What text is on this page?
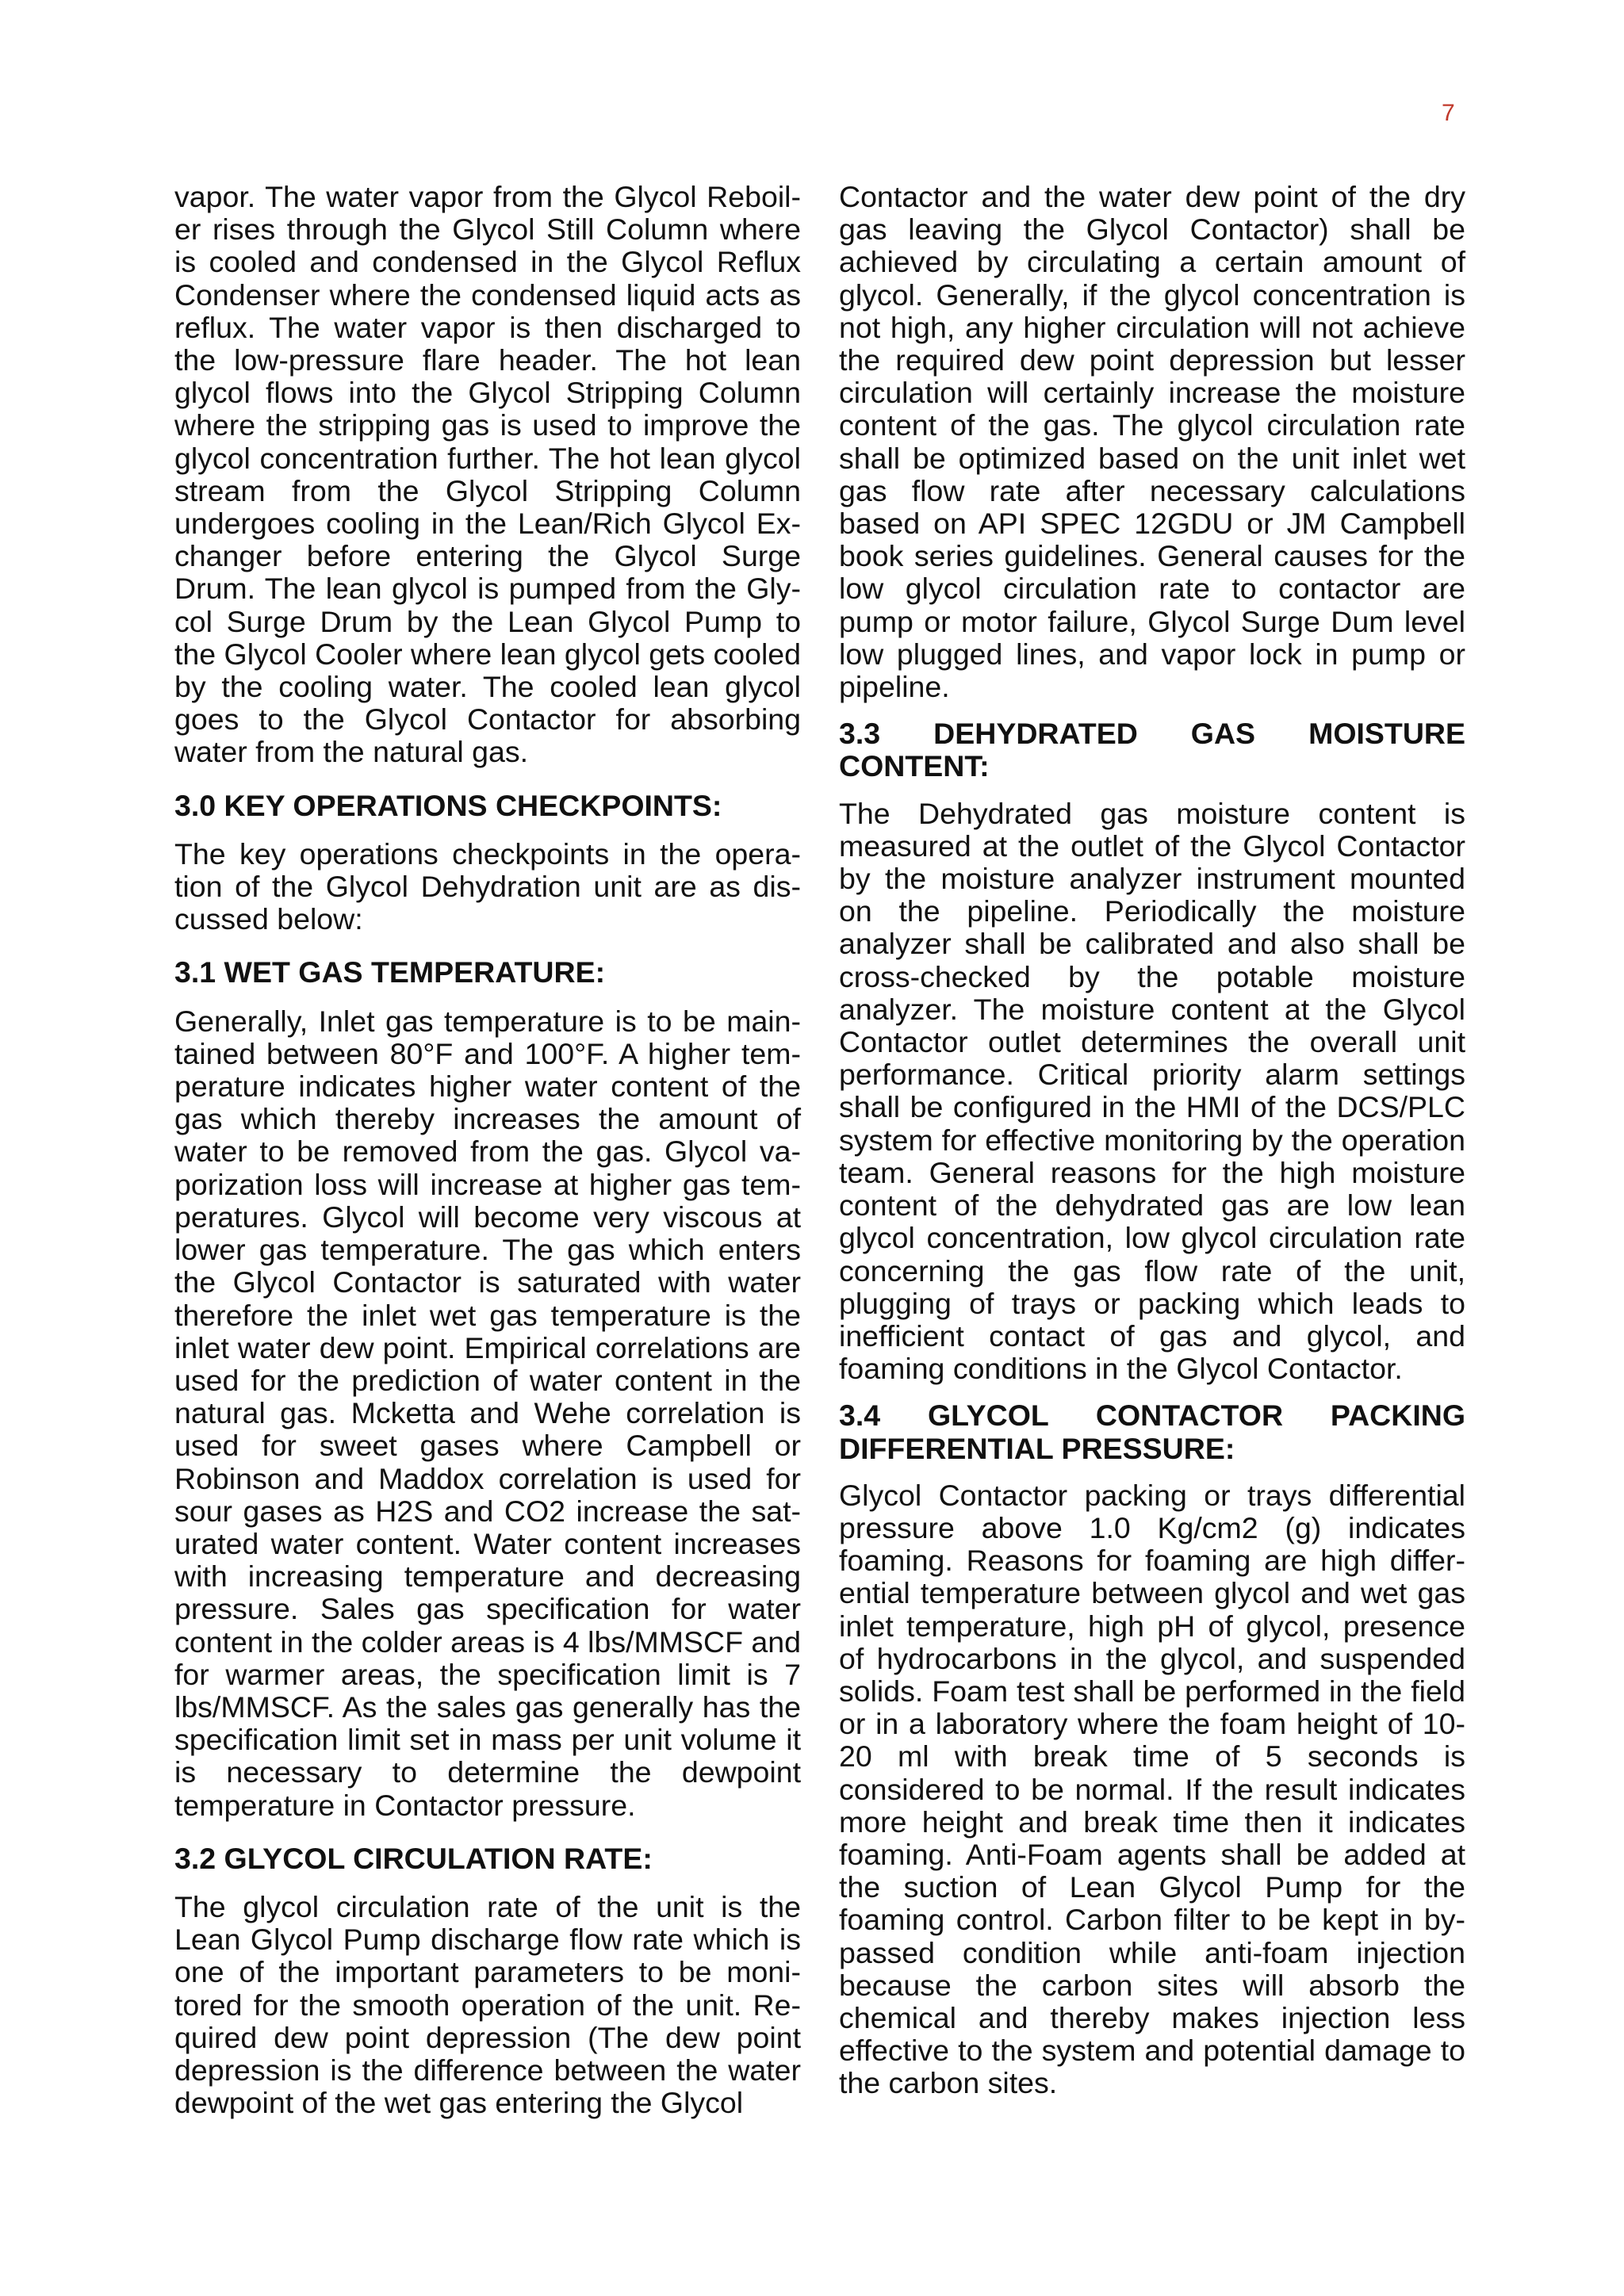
7

vapor. The water vapor from the Glycol Reboiler rises through the Glycol Still Column where is cooled and condensed in the Glycol Reflux Condenser where the condensed liquid acts as reflux. The water vapor is then discharged to the low-pressure flare header. The hot lean glycol flows into the Glycol Stripping Column where the stripping gas is used to improve the glycol concentration further. The hot lean glycol stream from the Glycol Stripping Column undergoes cooling in the Lean/Rich Glycol Exchanger before entering the Glycol Surge Drum. The lean glycol is pumped from the Glycol Surge Drum by the Lean Glycol Pump to the Glycol Cooler where lean glycol gets cooled by the cooling water. The cooled lean glycol goes to the Glycol Contactor for absorbing water from the natural gas.

3.0 KEY OPERATIONS CHECKPOINTS:

The key operations checkpoints in the operation of the Glycol Dehydration unit are as discussed below:

3.1 WET GAS TEMPERATURE:

Generally, Inlet gas temperature is to be maintained between 80°F and 100°F. A higher temperature indicates higher water content of the gas which thereby increases the amount of water to be removed from the gas. Glycol vaporization loss will increase at higher gas temperatures. Glycol will become very viscous at lower gas temperature. The gas which enters the Glycol Contactor is saturated with water therefore the inlet wet gas temperature is the inlet water dew point. Empirical correlations are used for the prediction of water content in the natural gas. Mcketta and Wehe correlation is used for sweet gases where Campbell or Robinson and Maddox correlation is used for sour gases as H2S and CO2 increase the saturated water content. Water content increases with increasing temperature and decreasing pressure. Sales gas specification for water content in the colder areas is 4 lbs/MMSCF and for warmer areas, the specification limit is 7 lbs/MMSCF. As the sales gas generally has the specification limit set in mass per unit volume it is necessary to determine the dewpoint temperature in Contactor pressure.

3.2 GLYCOL CIRCULATION RATE:

The glycol circulation rate of the unit is the Lean Glycol Pump discharge flow rate which is one of the important parameters to be monitored for the smooth operation of the unit. Required dew point depression (The dew point depression is the difference between the water dewpoint of the wet gas entering the Glycol

Contactor and the water dew point of the dry gas leaving the Glycol Contactor) shall be achieved by circulating a certain amount of glycol. Generally, if the glycol concentration is not high, any higher circulation will not achieve the required dew point depression but lesser circulation will certainly increase the moisture content of the gas. The glycol circulation rate shall be optimized based on the unit inlet wet gas flow rate after necessary calculations based on API SPEC 12GDU or JM Campbell book series guidelines. General causes for the low glycol circulation rate to contactor are pump or motor failure, Glycol Surge Dum level low plugged lines, and vapor lock in pump or pipeline.

3.3 DEHYDRATED GAS MOISTURE CONTENT:

The Dehydrated gas moisture content is measured at the outlet of the Glycol Contactor by the moisture analyzer instrument mounted on the pipeline. Periodically the moisture analyzer shall be calibrated and also shall be cross-checked by the potable moisture analyzer. The moisture content at the Glycol Contactor outlet determines the overall unit performance. Critical priority alarm settings shall be configured in the HMI of the DCS/PLC system for effective monitoring by the operation team. General reasons for the high moisture content of the dehydrated gas are low lean glycol concentration, low glycol circulation rate concerning the gas flow rate of the unit, plugging of trays or packing which leads to inefficient contact of gas and glycol, and foaming conditions in the Glycol Contactor.

3.4 GLYCOL CONTACTOR PACKING DIFFERENTIAL PRESSURE:

Glycol Contactor packing or trays differential pressure above 1.0 Kg/cm2 (g) indicates foaming. Reasons for foaming are high differential temperature between glycol and wet gas inlet temperature, high pH of glycol, presence of hydrocarbons in the glycol, and suspended solids. Foam test shall be performed in the field or in a laboratory where the foam height of 10-20 ml with break time of 5 seconds is considered to be normal. If the result indicates more height and break time then it indicates foaming. Anti-Foam agents shall be added at the suction of Lean Glycol Pump for the foaming control. Carbon filter to be kept in by-passed condition while anti-foam injection because the carbon sites will absorb the chemical and thereby makes injection less effective to the system and potential damage to the carbon sites.
